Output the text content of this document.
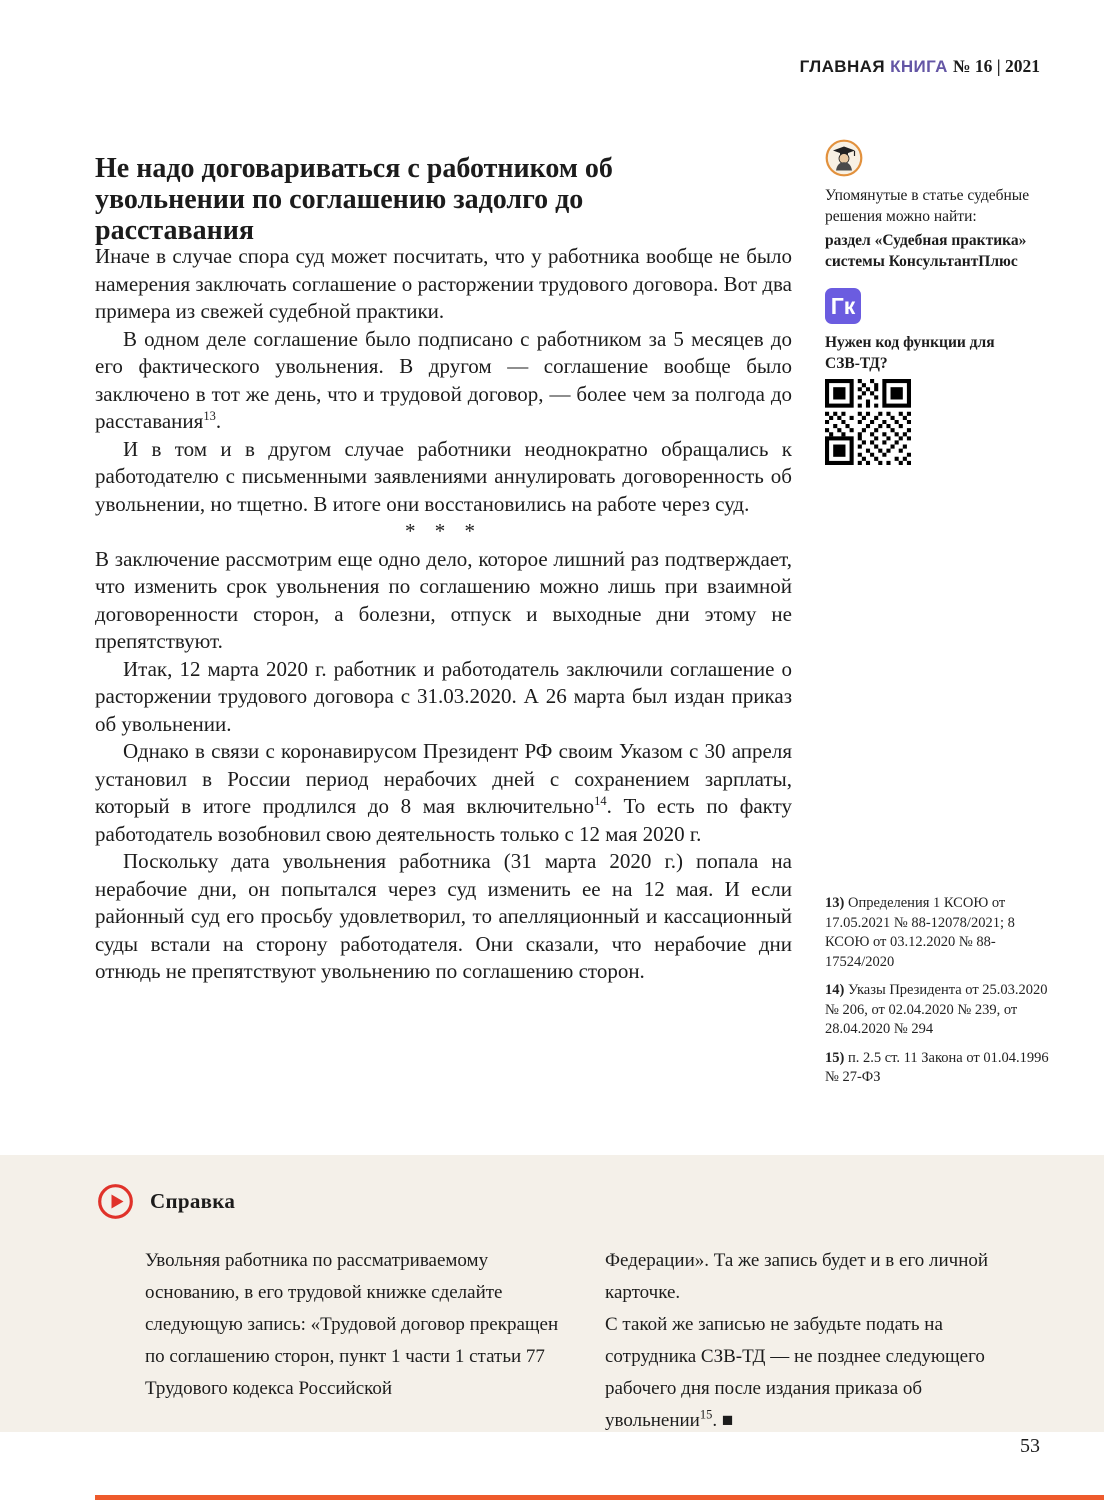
ГЛАВНАЯ КНИГА № 16 | 2021
Не надо договариваться с работником об увольнении по соглашению задолго до расставания

Иначе в случае спора суд может посчитать, что у работника вообще не было намерения заключать соглашение о расторжении трудового договора. Вот два примера из свежей судебной практики.

В одном деле соглашение было подписано с работником за 5 месяцев до его фактического увольнения. В другом — соглашение вообще было заключено в тот же день, что и трудовой договор, — более чем за полгода до расставания$^{13}$.

И в том и в другом случае работники неоднократно обращались к работодателю с письменными заявлениями аннулировать договоренность об увольнении, но тщетно. В итоге они восстановились на работе через суд.

* * *

В заключение рассмотрим еще одно дело, которое лишний раз подтверждает, что изменить срок увольнения по соглашению можно лишь при взаимной договоренности сторон, а болезни, отпуск и выходные дни этому не препятствуют.

Итак, 12 марта 2020 г. работник и работодатель заключили соглашение о расторжении трудового договора с 31.03.2020. А 26 марта был издан приказ об увольнении.

Однако в связи с коронавирусом Президент РФ своим Указом с 30 апреля установил в России период нерабочих дней с сохранением зарплаты, который в итоге продлился до 8 мая включительно$^{14}$. То есть по факту работодатель возобновил свою деятельность только с 12 мая 2020 г.

Поскольку дата увольнения работника (31 марта 2020 г.) попала на нерабочие дни, он попытался через суд изменить ее на 12 мая. И если районный суд его просьбу удовлетворил, то апелляционный и кассационный суды встали на сторону работодателя. Они сказали, что нерабочие дни отнюдь не препятствуют увольнению по соглашению сторон.

Упомянутые в статье судебные решения можно найти:

раздел «Судебная практика» системы КонсультантПлюс

Гк

Нужен код функции для СЗВ-ТД?

13) Определения 1 КСОЮ от 17.05.2021 № 88-12078/2021; 8 КСОЮ от 03.12.2020 № 88-17524/2020

14) Указы Президента от 25.03.2020 № 206, от 02.04.2020 № 239, от 28.04.2020 № 294

15) п. 2.5 ст. 11 Закона от 01.04.1996 № 27-ФЗ

Справка

Увольняя работника по рассматриваемому основанию, в его трудовой книжке сделайте следующую запись: «Трудовой договор прекращен по соглашению сторон, пункт 1 части 1 статьи 77 Трудового кодекса Российской

Федерации». Та же запись будет и в его личной карточке.

С такой же записью не забудьте подать на сотрудника СЗВ-ТД — не позднее следующего рабочего дня после издания приказа об увольнении$^{15}$. ■

53
